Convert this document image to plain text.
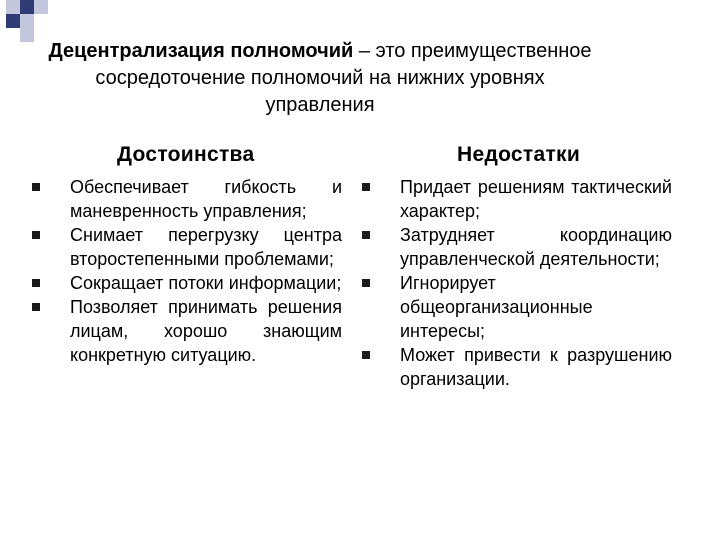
Децентрализация полномочий – это преимущественное сосредоточение полномочий на нижних уровнях управления
Достоинства	Недостатки
Обеспечивает гибкость и маневренность управления;
Снимает перегрузку центра второстепенными проблемами;
Сокращает потоки информации;
Позволяет принимать решения лицам, хорошо знающим конкретную ситуацию.
Придает решениям тактический характер;
Затрудняет координацию управленческой деятельности;
Игнорирует общеорганизационные интересы;
Может привести к разрушению организации.
